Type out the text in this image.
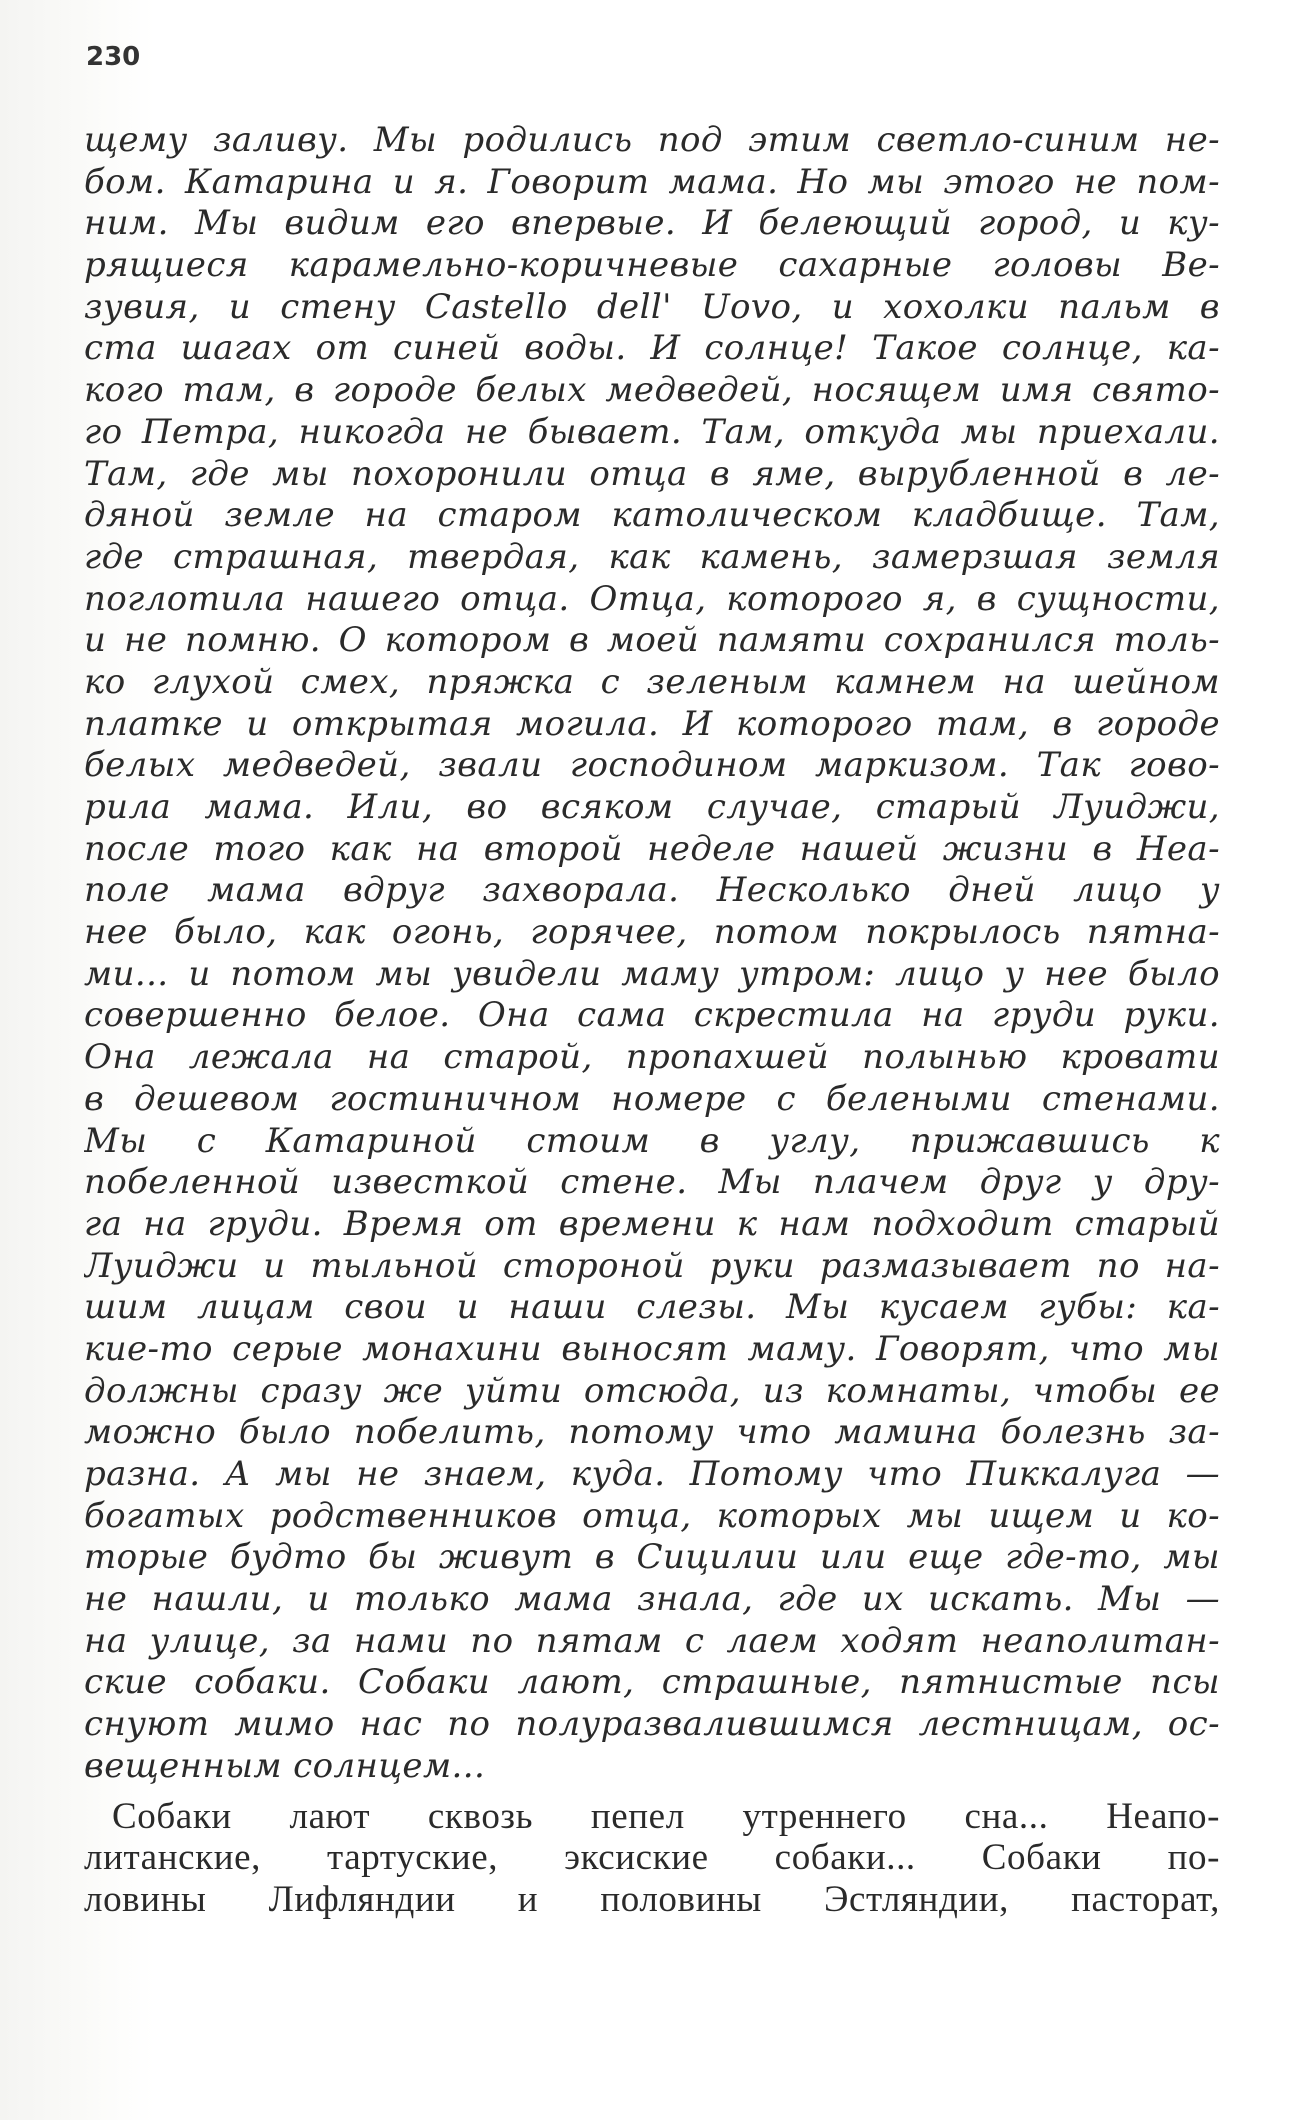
230
щему заливу. Мы родились под этим светло-синим не-
бом. Катарина и я. Говорит мама. Но мы этого не пом-
ним. Мы видим его впервые. И белеющий город, и ку-
рящиеся карамельно-коричневые сахарные головы Ве-
зувия, и стену Castello dell' Uovo, и хохолки пальм в
ста шагах от синей воды. И солнце! Такое солнце, ка-
кого там, в городе белых медведей, носящем имя свято-
го Петра, никогда не бывает. Там, откуда мы приехали.
Там, где мы похоронили отца в яме, вырубленной в ле-
дяной земле на старом католическом кладбище. Там,
где страшная, твердая, как камень, замерзшая земля
поглотила нашего отца. Отца, которого я, в сущности,
и не помню. О котором в моей памяти сохранился толь-
ко глухой смех, пряжка с зеленым камнем на шейном
платке и открытая могила. И которого там, в городе
белых медведей, звали господином маркизом. Так гово-
рила мама. Или, во всяком случае, старый Луиджи,
после того как на второй неделе нашей жизни в Неа-
поле мама вдруг захворала. Несколько дней лицо у
нее было, как огонь, горячее, потом покрылось пятна-
ми... и потом мы увидели маму утром: лицо у нее было
совершенно белое. Она сама скрестила на груди руки.
Она лежала на старой, пропахшей полынью кровати
в дешевом гостиничном номере с белеными стенами.
Мы с Катариной стоим в углу, прижавшись к
побеленной известкой стене. Мы плачем друг у дру-
га на груди. Время от времени к нам подходит старый
Луиджи и тыльной стороной руки размазывает по на-
шим лицам свои и наши слезы. Мы кусаем губы: ка-
кие-то серые монахини выносят маму. Говорят, что мы
должны сразу же уйти отсюда, из комнаты, чтобы ее
можно было побелить, потому что мамина болезнь за-
разна. А мы не знаем, куда. Потому что Пиккалуга —
богатых родственников отца, которых мы ищем и ко-
торые будто бы живут в Сицилии или еще где-то, мы
не нашли, и только мама знала, где их искать. Мы —
на улице, за нами по пятам с лаем ходят неаполитан-
ские собаки. Собаки лают, страшные, пятнистые псы
снуют мимо нас по полуразвалившимся лестницам, ос-
вещенным солнцем...
Собаки лают сквозь пепел утреннего сна... Неапо-
литанские, тартуские, эксиские собаки... Собаки по-
ловины Лифляндии и половины Эстляндии, пасторат,
